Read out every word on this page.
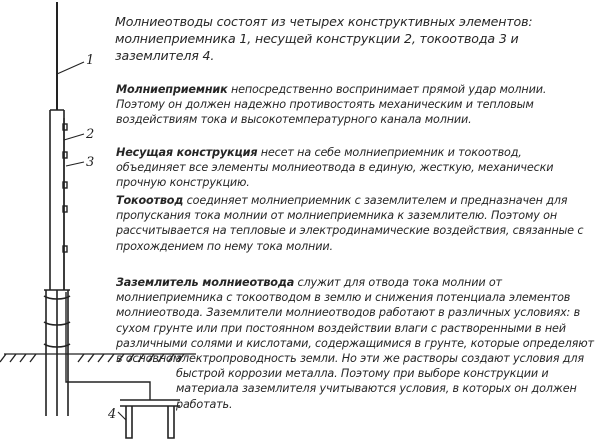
1
2
3
4
Молниеотводы состоят из четырех конструктивных элементов: молниеприемника 1, несущей конструкции 2, токоотвода 3 и заземлителя 4.
Молниеприемник непосредственно воспринимает прямой удар молнии. Поэтому он должен надежно противостоять механическим и тепловым воздействиям тока и высокотемпературного канала молнии.
Несущая конструкция несет на себе молниеприемник и токоотвод, объединяет все элементы молниеотвода в единую, жесткую, механически прочную конструкцию.
Токоотвод соединяет молниеприемник с заземлителем и предназначен для пропускания тока молнии от молниеприемника к заземлителю. Поэтому он рассчитывается на тепловые и электродинамические воздействия, связанные с прохождением по нему тока молнии.
Заземлитель молниеотвода служит для отвода тока молнии от молниеприемника с токоотводом в землю и снижения потенциала элементов молниеотвода. Заземлители молниеотводов работают в различных условиях: в сухом грунте или при постоянном воздействии влаги с растворенными в ней различными солями и кислотами, содержащимися в грунте, которые определяют в основном
электропроводность земли. Но эти же растворы создают условия для быстрой коррозии металла. Поэтому при выборе конструкции и материала заземлителя учитываются условия, в которых он должен работать.
